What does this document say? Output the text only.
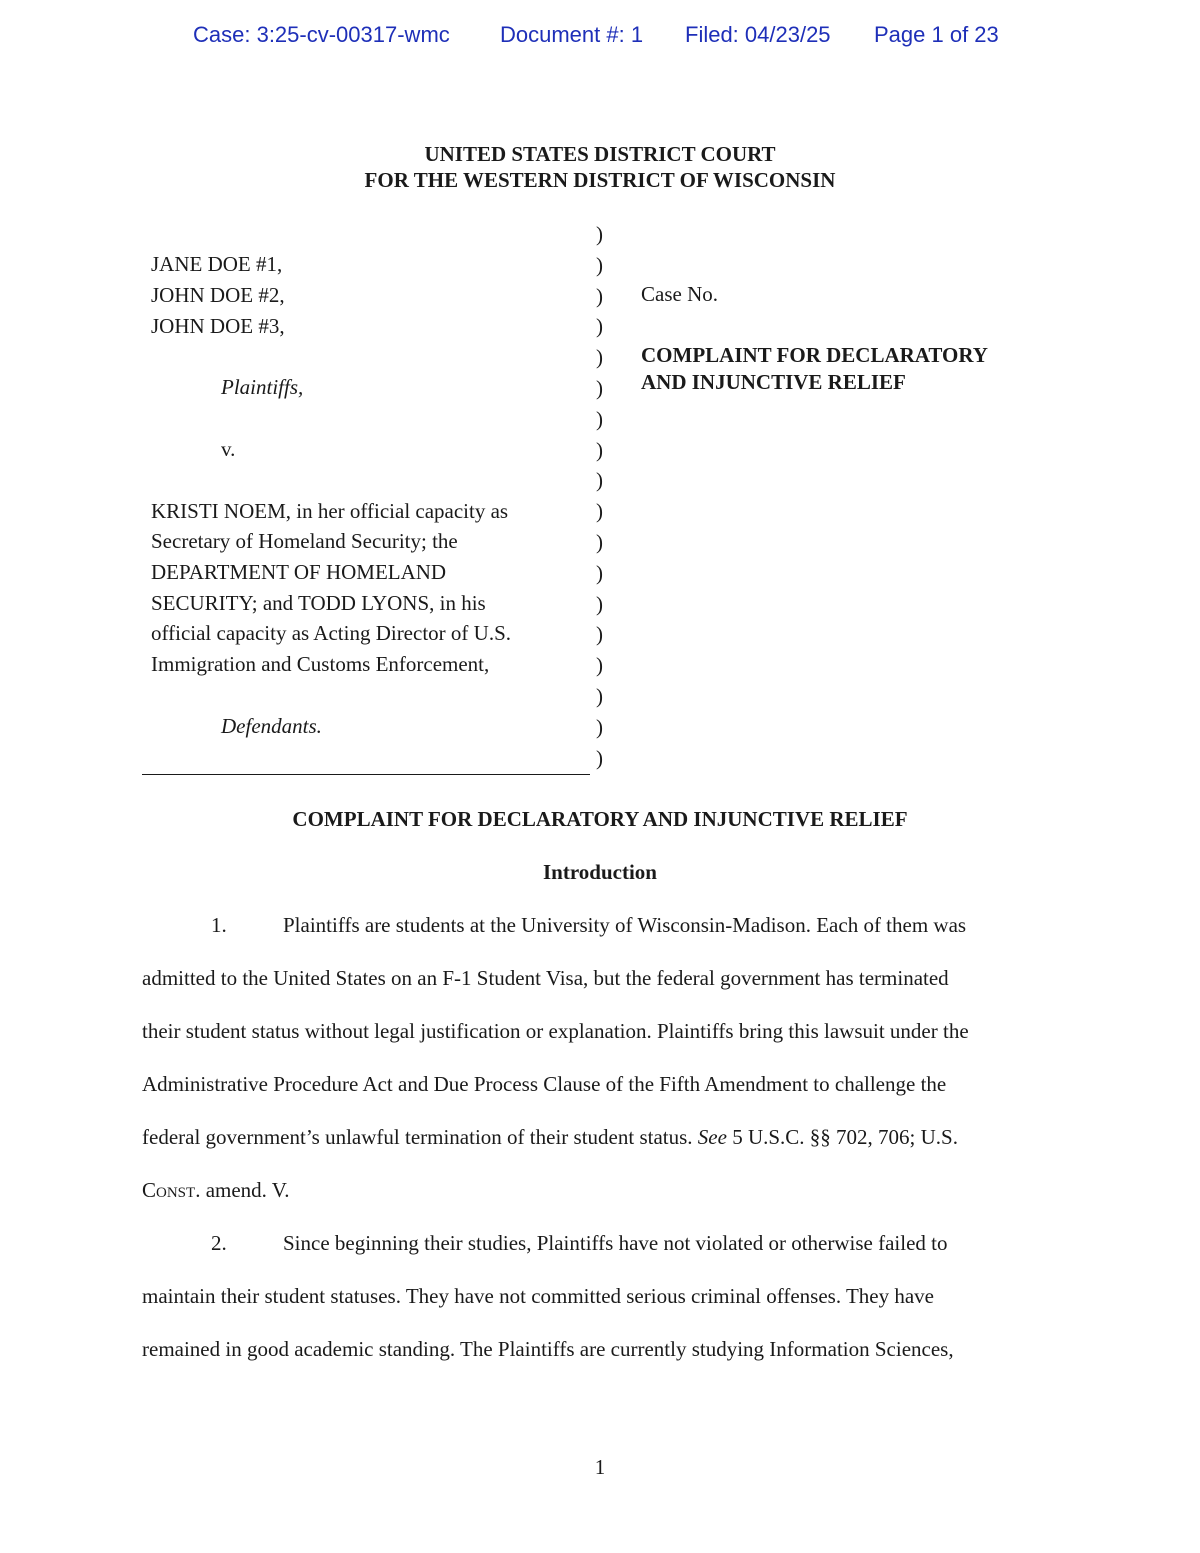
Case: 3:25-cv-00317-wmc Document #: 1 Filed: 04/23/25 Page 1 of 23
UNITED STATES DISTRICT COURT
FOR THE WESTERN DISTRICT OF WISCONSIN
JANE DOE #1,
JOHN DOE #2,
JOHN DOE #3,
Plaintiffs,
v.
KRISTI NOEM, in her official capacity as
Secretary of Homeland Security; the
DEPARTMENT OF HOMELAND
SECURITY; and TODD LYONS, in his
official capacity as Acting Director of U.S.
Immigration and Customs Enforcement,
Defendants.
)
)
)
)
)
)
)
)
)
)
)
)
)
)
)
)
)
)
Case No.
COMPLAINT FOR DECLARATORY
AND INJUNCTIVE RELIEF
COMPLAINT FOR DECLARATORY AND INJUNCTIVE RELIEF
Introduction
1.	Plaintiffs are students at the University of Wisconsin-Madison. Each of them was
admitted to the United States on an F-1 Student Visa, but the federal government has terminated
their student status without legal justification or explanation. Plaintiffs bring this lawsuit under the
Administrative Procedure Act and Due Process Clause of the Fifth Amendment to challenge the
federal government’s unlawful termination of their student status. See 5 U.S.C. §§ 702, 706; U.S.
Const. amend. V.
2.	Since beginning their studies, Plaintiffs have not violated or otherwise failed to
maintain their student statuses. They have not committed serious criminal offenses. They have
remained in good academic standing. The Plaintiffs are currently studying Information Sciences,
1
